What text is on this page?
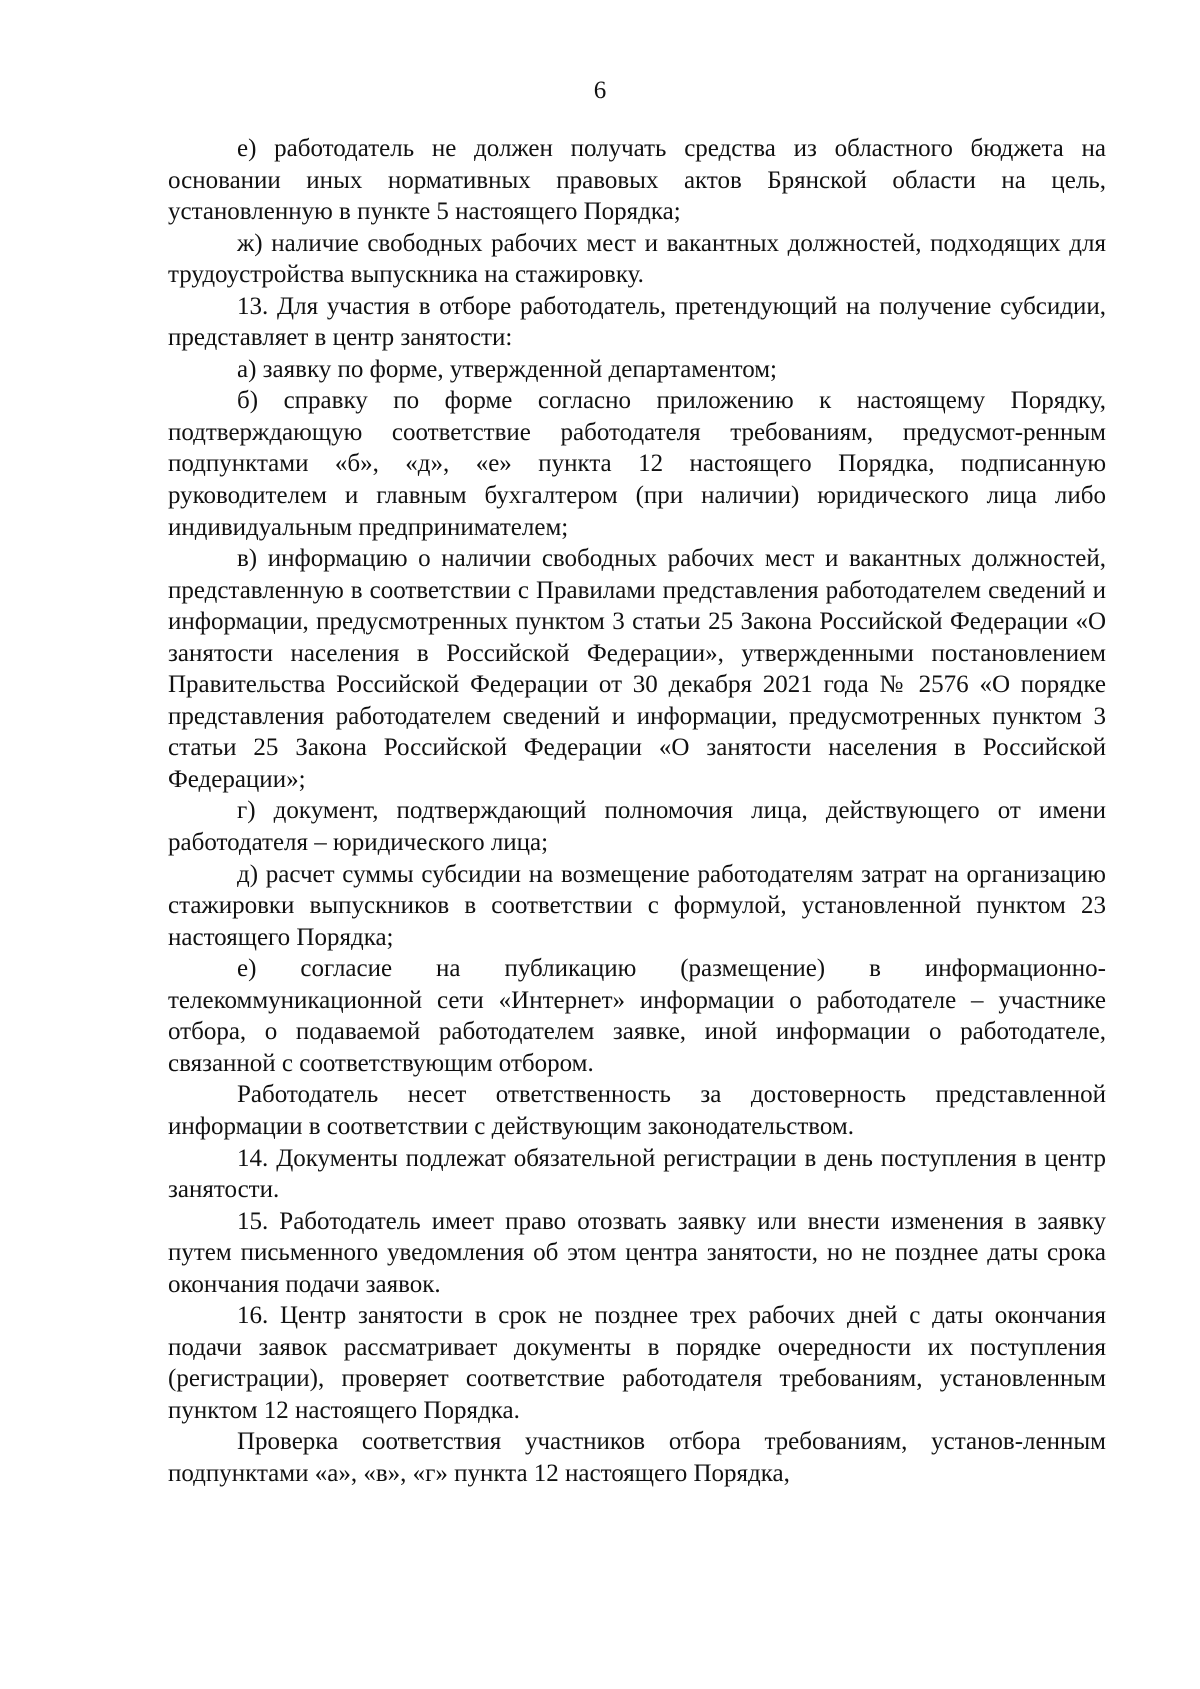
6

е) работодатель не должен получать средства из областного бюджета на основании иных нормативных правовых актов Брянской области на цель, установленную в пункте 5 настоящего Порядка;

ж) наличие свободных рабочих мест и вакантных должностей, подходящих для трудоустройства выпускника на стажировку.

13. Для участия в отборе работодатель, претендующий на получение субсидии, представляет в центр занятости:

а) заявку по форме, утвержденной департаментом;

б) справку по форме согласно приложению к настоящему Порядку, подтверждающую соответствие работодателя требованиям, предусмот-ренным подпунктами «б», «д», «е» пункта 12 настоящего Порядка, подписанную руководителем и главным бухгалтером (при наличии) юридического лица либо индивидуальным предпринимателем;

в) информацию о наличии свободных рабочих мест и вакантных должностей, представленную в соответствии с Правилами представления работодателем сведений и информации, предусмотренных пунктом 3 статьи 25 Закона Российской Федерации «О занятости населения в Российской Федерации», утвержденными постановлением Правительства Российской Федерации от 30 декабря 2021 года № 2576 «О порядке представления работодателем сведений и информации, предусмотренных пунктом 3 статьи 25 Закона Российской Федерации «О занятости населения в Российской Федерации»;

г) документ, подтверждающий полномочия лица, действующего от имени работодателя – юридического лица;

д) расчет суммы субсидии на возмещение работодателям затрат на организацию стажировки выпускников в соответствии с формулой, установленной пунктом 23 настоящего Порядка;

е) согласие на публикацию (размещение) в информационно-телекоммуникационной сети «Интернет» информации о работодателе – участнике отбора, о подаваемой работодателем заявке, иной информации о работодателе, связанной с соответствующим отбором.

Работодатель несет ответственность за достоверность представленной информации в соответствии с действующим законодательством.

14. Документы подлежат обязательной регистрации в день поступления в центр занятости.

15. Работодатель имеет право отозвать заявку или внести изменения в заявку путем письменного уведомления об этом центра занятости, но не позднее даты срока окончания подачи заявок.

16. Центр занятости в срок не позднее трех рабочих дней с даты окончания подачи заявок рассматривает документы в порядке очередности их поступления (регистрации), проверяет соответствие работодателя требованиям, установленным пунктом 12 настоящего Порядка.

Проверка соответствия участников отбора требованиям, установ-ленным подпунктами «а», «в», «г» пункта 12 настоящего Порядка,
